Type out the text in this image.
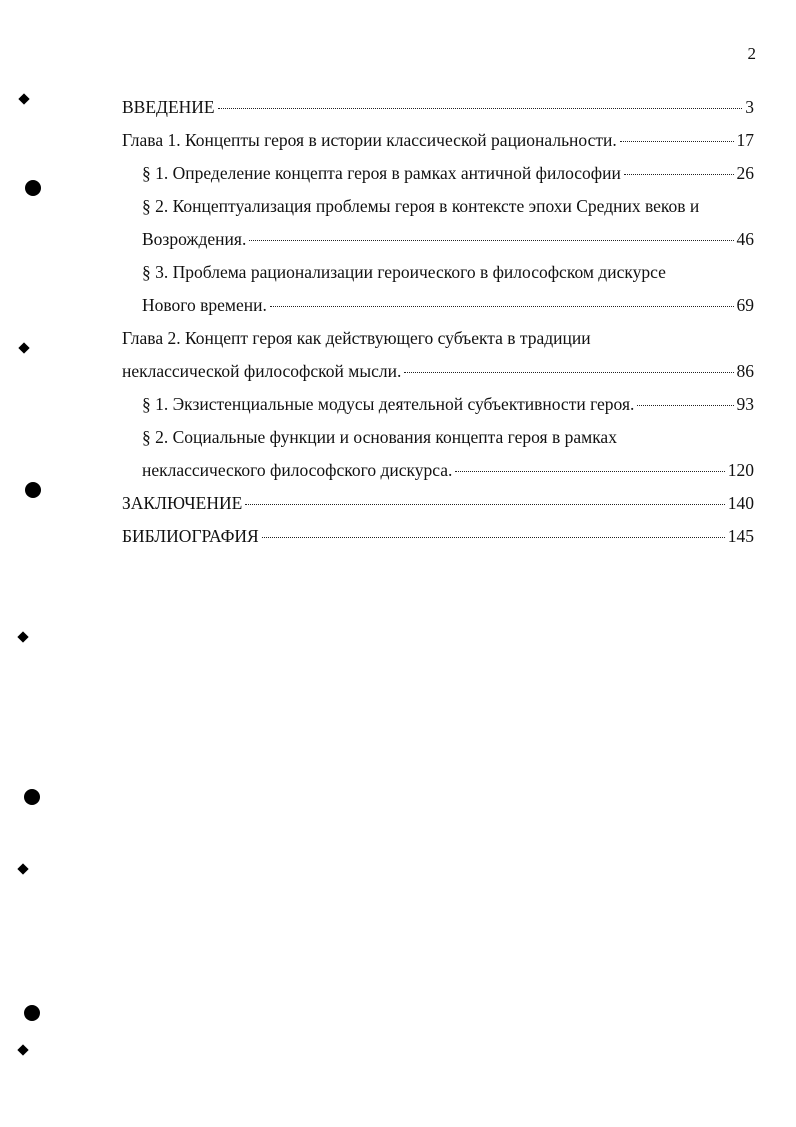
2
ВВЕДЕНИЕ	3
Глава 1. Концепты героя в истории классической рациональности.	17
§ 1. Определение концепта героя в рамках античной философии	26
§ 2. Концептуализация проблемы героя в контексте эпохи Средних веков и
Возрождения.	46
§ 3. Проблема рационализации героического в философском дискурсе
Нового времени.	69
Глава 2. Концепт героя как действующего субъекта в традиции
неклассической философской мысли.	86
§ 1. Экзистенциальные модусы деятельной субъективности героя.	93
§ 2. Социальные функции и основания концепта героя в рамках
неклассического философского дискурса.	120
ЗАКЛЮЧЕНИЕ	140
БИБЛИОГРАФИЯ	145
